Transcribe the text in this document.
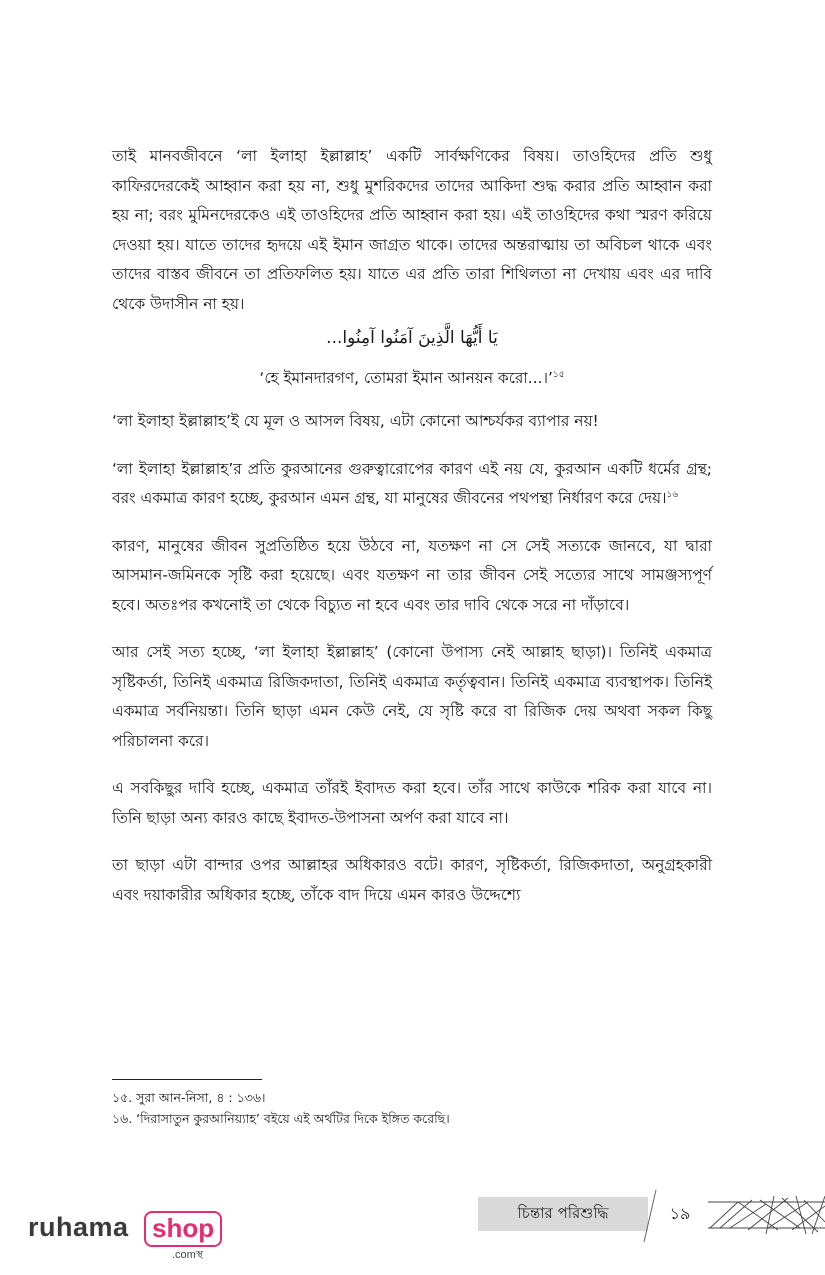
তাই মানবজীবনে ‘লা ইলাহা ইল্লাল্লাহ’ একটি সার্বক্ষণিকের বিষয়। তাওহিদের প্রতি শুধু কাফিরদেরকেই আহ্বান করা হয় না, শুধু মুশরিকদের তাদের আকিদা শুদ্ধ করার প্রতি আহ্বান করা হয় না; বরং মুমিনদেরকেও এই তাওহিদের প্রতি আহ্বান করা হয়। এই তাওহিদের কথা স্মরণ করিয়ে দেওয়া হয়। যাতে তাদের হৃদয়ে এই ইমান জাগ্রত থাকে। তাদের অন্তরাত্মায় তা অবিচল থাকে এবং তাদের বাস্তব জীবনে তা প্রতিফলিত হয়। যাতে এর প্রতি তারা শিথিলতা না দেখায় এবং এর দাবি থেকে উদাসীন না হয়।

يَا أَيُّهَا الَّذِينَ آمَنُوا آمِنُوا...

‘হে ইমানদারগণ, তোমরা ইমান আনয়ন করো...।’$^{১৫}$

‘লা ইলাহা ইল্লাল্লাহ’ই যে মূল ও আসল বিষয়, এটা কোনো আশ্চর্যকর ব্যাপার নয়!

‘লা ইলাহা ইল্লাল্লাহ’র প্রতি কুরআনের গুরুত্বারোপের কারণ এই নয় যে, কুরআন একটি ধর্মের গ্রন্থ; বরং একমাত্র কারণ হচ্ছে, কুরআন এমন গ্রন্থ, যা মানুষের জীবনের পথপন্থা নির্ধারণ করে দেয়।$^{১৬}$

কারণ, মানুষের জীবন সুপ্রতিষ্ঠিত হয়ে উঠবে না, যতক্ষণ না সে সেই সত্যকে জানবে, যা দ্বারা আসমান-জমিনকে সৃষ্টি করা হয়েছে। এবং যতক্ষণ না তার জীবন সেই সত্যের সাথে সামঞ্জস্যপূর্ণ হবে। অতঃপর কখনোই তা থেকে বিচ্যুত না হবে এবং তার দাবি থেকে সরে না দাঁড়াবে।

আর সেই সত্য হচ্ছে, ‘লা ইলাহা ইল্লাল্লাহ’ (কোনো উপাস্য নেই আল্লাহ ছাড়া)। তিনিই একমাত্র সৃষ্টিকর্তা, তিনিই একমাত্র রিজিকদাতা, তিনিই একমাত্র কর্তৃত্ববান। তিনিই একমাত্র ব্যবস্থাপক। তিনিই একমাত্র সর্বনিয়ন্তা। তিনি ছাড়া এমন কেউ নেই, যে সৃষ্টি করে বা রিজিক দেয় অথবা সকল কিছু পরিচালনা করে।

এ সবকিছুর দাবি হচ্ছে, একমাত্র তাঁরই ইবাদত করা হবে। তাঁর সাথে কাউকে শরিক করা যাবে না। তিনি ছাড়া অন্য কারও কাছে ইবাদত-উপাসনা অর্পণ করা যাবে না।

তা ছাড়া এটা বান্দার ওপর আল্লাহর অধিকারও বটে। কারণ, সৃষ্টিকর্তা, রিজিকদাতা, অনুগ্রহকারী এবং দয়াকারীর অধিকার হচ্ছে, তাঁকে বাদ দিয়ে এমন কারও উদ্দেশ্যে

১৫. সুরা আন-নিসা, ৪ : ১৩৬।

১৬. ‘দিরাসাতুন কুরআনিয়্যাহ’ বইয়ে এই অর্থটির দিকে ইঙ্গিত করেছি।

চিন্তার পরিশুদ্ধি	১৯
ruhama shop
.comস্থ
